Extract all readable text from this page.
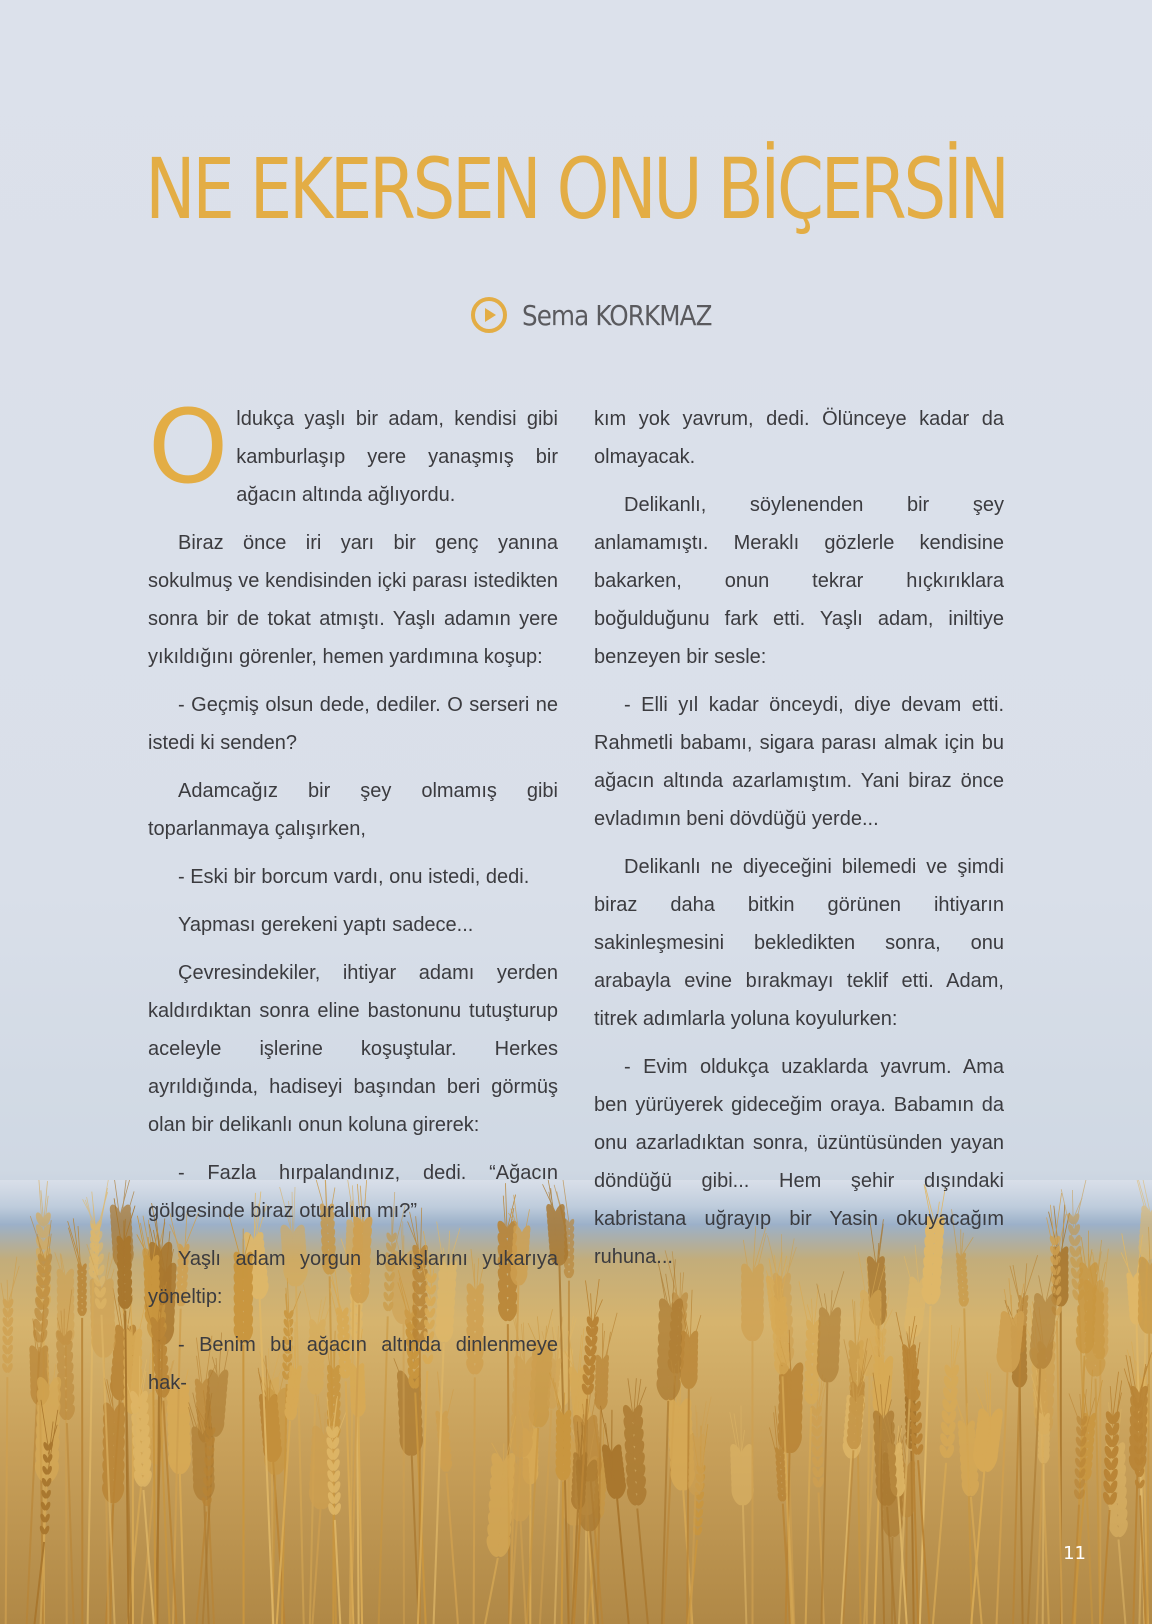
NE EKERSEN ONU BİÇERSİN
Sema KORKMAZ

Oldukça yaşlı bir adam, kendisi gibi kamburlaşıp yere yanaşmış bir ağacın altında ağlıyordu.

Biraz önce iri yarı bir genç yanına sokulmuş ve kendisinden içki parası istedikten sonra bir de tokat atmıştı. Yaşlı adamın yere yıkıldığını görenler, hemen yardımına koşup:

- Geçmiş olsun dede, dediler. O serseri ne istedi ki senden?

Adamcağız bir şey olmamış gibi toparlanmaya çalışırken,

- Eski bir borcum vardı, onu istedi, dedi.

Yapması gerekeni yaptı sadece...

Çevresindekiler, ihtiyar adamı yerden kaldırdıktan sonra eline bastonunu tutuşturup aceleyle işlerine koşuştular. Herkes ayrıldığında, hadiseyi başından beri görmüş olan bir delikanlı onun koluna girerek:

- Fazla hırpalandınız, dedi. “Ağacın gölgesinde biraz oturalım mı?”

Yaşlı adam yorgun bakışlarını yukarıya yöneltip:

- Benim bu ağacın altında dinlenmeye hak-

kım yok yavrum, dedi. Ölünceye kadar da olmayacak.

Delikanlı, söylenenden bir şey anlamamıştı. Meraklı gözlerle kendisine bakarken, onun tekrar hıçkırıklara boğulduğunu fark etti. Yaşlı adam, iniltiye benzeyen bir sesle:

- Elli yıl kadar önceydi, diye devam etti. Rahmetli babamı, sigara parası almak için bu ağacın altında azarlamıştım. Yani biraz önce evladımın beni dövdüğü yerde...

Delikanlı ne diyeceğini bilemedi ve şimdi biraz daha bitkin görünen ihtiyarın sakinleşmesini bekledikten sonra, onu arabayla evine bırakmayı teklif etti. Adam, titrek adımlarla yoluna koyulurken:

- Evim oldukça uzaklarda yavrum. Ama ben yürüyerek gideceğim oraya. Babamın da onu azarladıktan sonra, üzüntüsünden yayan döndüğü gibi... Hem şehir dışındaki kabristana uğrayıp bir Yasin okuyacağım ruhuna...

11
